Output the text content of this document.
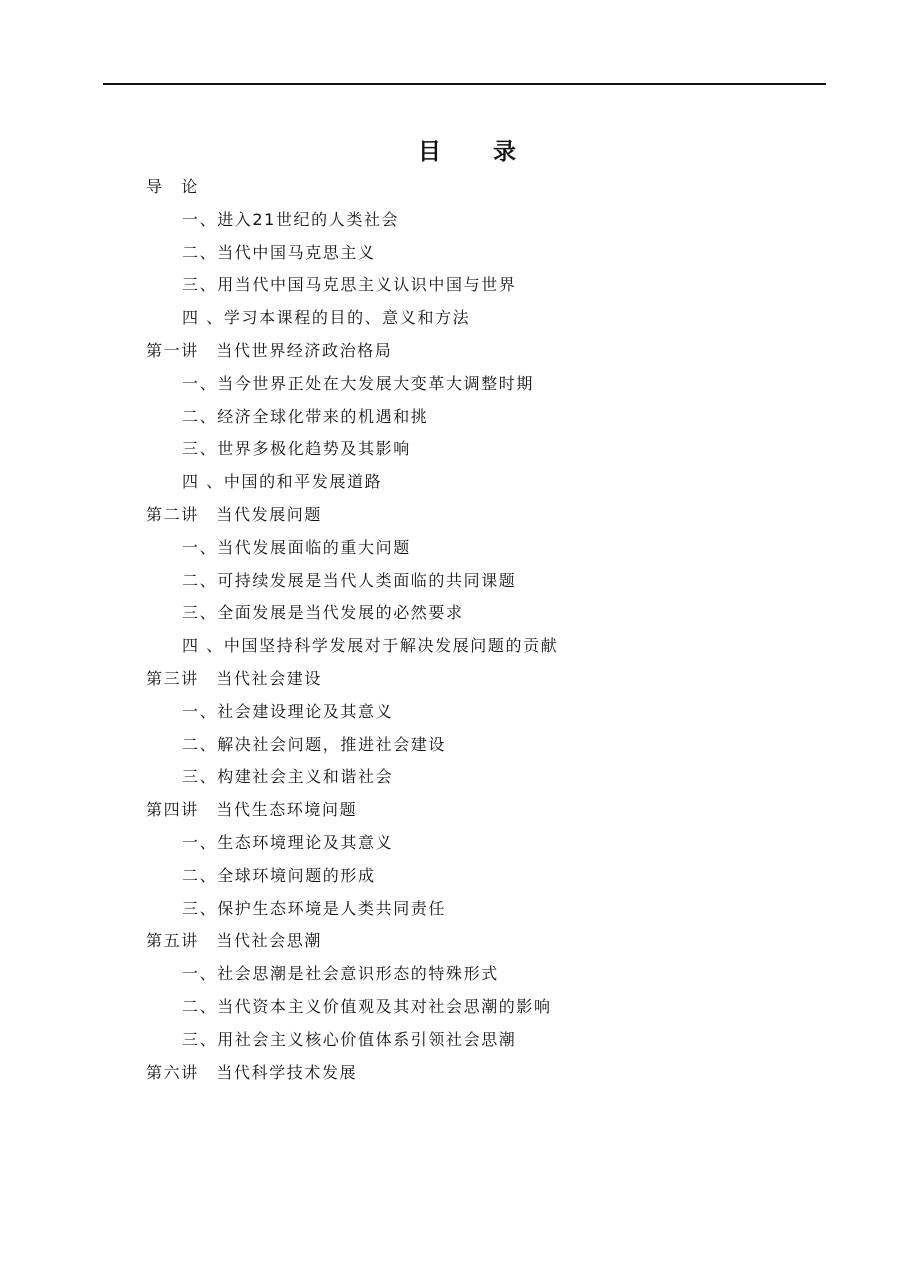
目　　录
导　论
一、进入21世纪的人类社会
二、当代中国马克思主义
三、用当代中国马克思主义认识中国与世界
四 、学习本课程的目的、意义和方法
第一讲　当代世界经济政治格局
一、当今世界正处在大发展大变革大调整时期
二、经济全球化带来的机遇和挑
三、世界多极化趋势及其影响
四 、中国的和平发展道路
第二讲　当代发展问题
一、当代发展面临的重大问题
二、可持续发展是当代人类面临的共同课题
三、全面发展是当代发展的必然要求
四 、中国坚持科学发展对于解决发展问题的贡献
第三讲　当代社会建设
一、社会建设理论及其意义
二、解决社会问题，推进社会建设
三、构建社会主义和谐社会
第四讲　当代生态环境问题
一、生态环境理论及其意义
二、全球环境问题的形成
三、保护生态环境是人类共同责任
第五讲　当代社会思潮
一、社会思潮是社会意识形态的特殊形式
二、当代资本主义价值观及其对社会思潮的影响
三、用社会主义核心价值体系引领社会思潮
第六讲　当代科学技术发展
